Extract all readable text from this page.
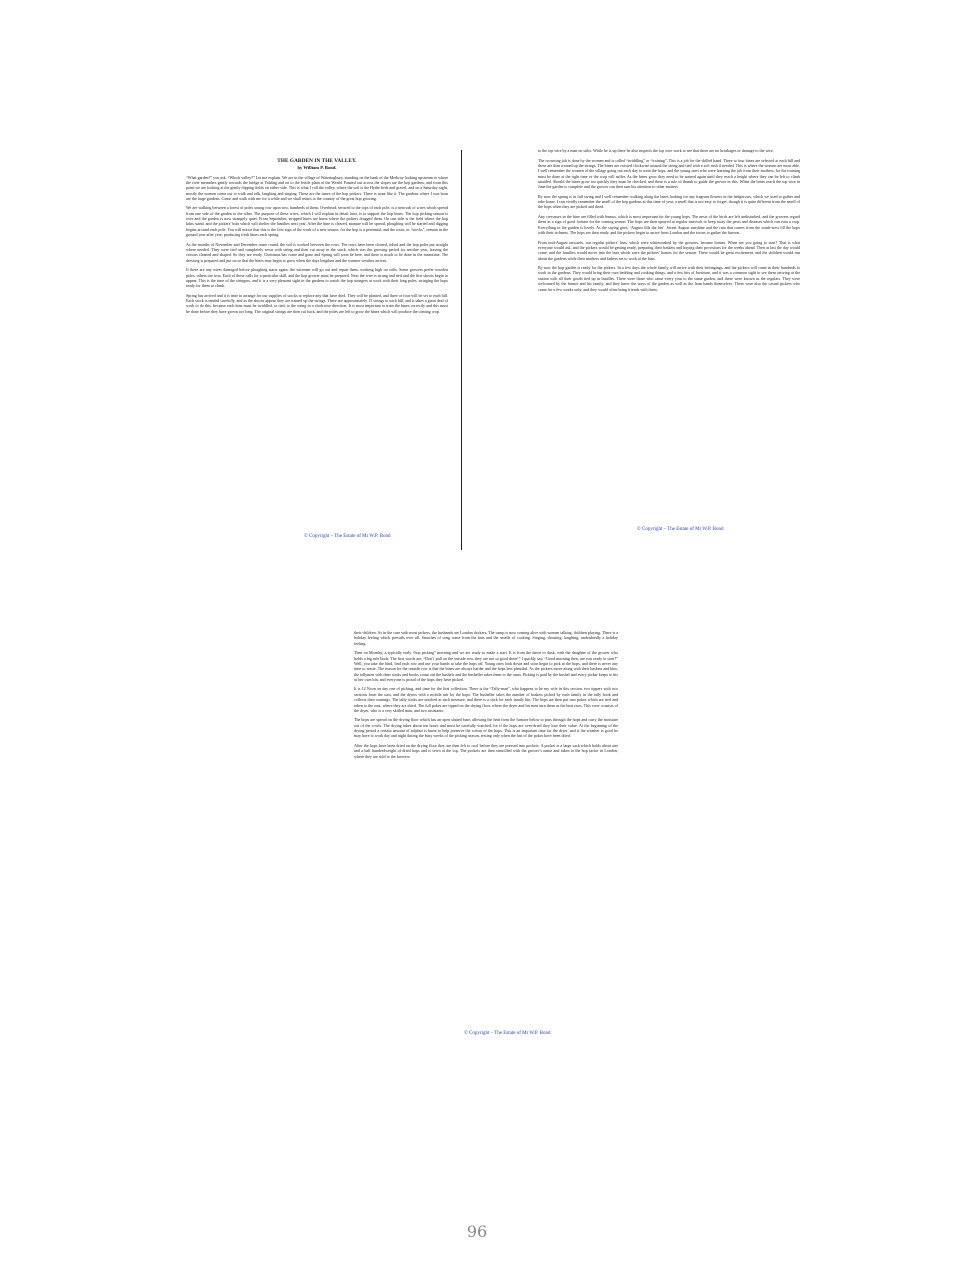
THE GARDEN IN THE VALLEY.

by William P. Bond.

“What garden?” you ask. “Which valley?” Let me explain. We are in the village of Wateringbury, standing on the bank of the Medway looking upstream to where the river meanders gently towards the bridge at Yalding and on to the fertile plain of the Weald. Fanned out across the slopes are the hop gardens, and from this point we are looking at the gently dipping fields on either side. This is what I call the valley, where the soil is the Hythe beds and gravel, and on a Saturday night, mostly the women come out to walk and talk, laughing and singing. These are the times of the hop pickers. There is none like it. The gardens where I was born are the large gardens. Come and walk with me for a while and we shall return to the country of the great hop growing.

We are walking between a forest of poles strung row upon row, hundreds of them. Overhead, secured to the tops of each pole, is a network of wires which spread from one side of the garden to the other. The purpose of these wires, which I will explain in detail later, is to support the hop bines. The hop picking season is over and the garden is now strangely quiet. From September, stripped bines are burnt where the pickers dragged them. On one side is the field where the hop kilns stand, and the pickers’ huts which will shelter the families next year. After the bine is cleared, manure will be spread, ploughing will be started and digging begins around each pole. You will notice that this is the first sign of the work of a new season, for the hop is a perennial, and the roots, or “stocks”, remain in the ground year after year, producing fresh bines each spring.

As the months of November and December come round, the soil is worked between the rows. The rows have been cleared, tidied and the hop poles put straight where needed. They were tied and completely sewn with string and then cut away in the stack, which was the growing period for another year, leaving the crowns cleaned and shaped. So they are ready. Christmas has come and gone and Spring will soon be here, and there is much to be done in the meantime. The dressing is prepared and put on so that the bines may begin to grow when the days lengthen and the warmer weather arrives.

If there are any wires damaged before ploughing starts again, the wiremen will go out and repair them, working high on stilts. Some growers prefer wooden poles, others use iron. Each of these calls for a particular skill, and the hop grower must be prepared. Next the wire is strung and tied and the first shoots begin to appear. This is the time of the stringers, and it is a very pleasant sight in the gardens to watch the hop stringers at work with their long poles, stringing the hops ready for them to climb.

Spring has arrived and it is time to arrange for our supplies of stocks to replace any that have died. They will be planted, and three or four will be set to each hill. Each stock is tended carefully, and as the shoots appear they are trained up the strings. There are approximately 15 strings to each hill, and it takes a great deal of work to do this, because each bine must be twiddled, or tied, to the string in a clockwise direction. It is most important to train the bines correctly and this must be done before they have grown too long. The original strings are then cut back, and the poles are left to grow the bines which will produce the coming crop.

to the top wire by a man on stilts. While he is up there he also inspects the top wire work to see that there are no breakages or damage to the wire.

The crowning job is done by the women and is called “twiddling” or “training”. This is a job for the skilled hand. Three to four bines are selected at each hill and these are then trained up the strings. The bines are twisted clockwise around the string and tied with a soft rush if needed. This is where the women are most able. I well remember the women of the village going out each day to train the hops, and the young ones who were learning the job from their mothers, for the training must be done at the right time or the crop will suffer. As the bines grow they need to be trained again until they reach a height where they can be left to climb unaided. Should the bines grow too quickly they must be checked, and there is a rule of thumb to guide the grower in this. When the bines reach the top wire in June the garden is complete and the grower can then turn his attention to other matters.

By now the spring is in full swing and I well remember walking along the lanes looking for any fragrant flowers in the hedgerows, which we used to gather and take home. I can vividly remember the smell of the hop gardens at this time of year, a smell that is not easy to forget, though it is quite different from the smell of the hops when they are picked and dried.

Any crevasses in the bine are filled with humus, which is most important for the young hops. The nests of the birds are left undisturbed, and the growers regard them as a sign of good fortune for the coming season. The hops are then sprayed at regular intervals to keep away the pests and diseases which can ruin a crop. Everything in the garden is lovely. As the saying goes, ‘August fills the bin’. Sweet August sunshine and the rain that comes from the south-west fill the hops with their richness. The hops are then ready, and the pickers begin to arrive from London and the towns to gather the harvest.

From mid-August onwards, our regular pickers’ huts, which were whitewashed by the growers, became homes. When are you going to start? That is what everyone would ask, and the pickers would be getting ready, preparing their baskets and buying their provisions for the weeks ahead. Then at last the day would come, and the families would move into the huts which were the pickers’ homes for the season. There would be great excitement, and the children would run about the gardens while their mothers and fathers set to work at the bins.

By now the hop garden is ready for the pickers. In a few days the whole family will arrive with their belongings, and the pickers will come in their hundreds to work in the gardens. They would bring their own bedding and cooking things, and a few bits of furniture, and it was a common sight to see them arriving at the station with all their goods tied up in bundles. There were those who came every year to the same garden, and these were known as the regulars. They were welcomed by the farmer and his family, and they knew the ways of the garden as well as the farm hands themselves. There were also the casual pickers who came for a few weeks only, and they would often bring friends with them.

their children. As in the case with most pickers, the husbands are London dockers. The camp is now coming alive with women talking, children playing. There is a holiday feeling which prevails over all. Snatches of song come from the huts and the smells of cooking. Singing, shouting, laughing, undoubtedly a holiday feeling.

Then on Monday, a typically early “hop picking” morning and we are ready to make a start. It is from the dawn to dusk, with the daughter of the grower who holds a big rule book. The first words are, “Don’t pull on the outside row, they are not so good there!” I quickly say, “Good morning then, are you ready to start?” Well, you take the bind, find each row and use your hands to take the hops off. Young ones look down and soon begin to pick at the hops, and there is never any time to waste. The reason for the outside row is that the bines are always harder and the hops less plentiful. As the pickers move along with their baskets and bins, the tallymen with their sticks and books count out the bushels and the busheller takes them to the oasts. Picking is paid by the bushel and every picker keeps to his or her own bin, and everyone is proud of the hops they have picked.

It is 12 Noon on day one of picking, and time for the first collection. There is the “Tally-man”, who happens to be my wife in this section, two tippers with two sections from the oast, and the dryers with a mobile tub for the hops. The busheller takes the number of baskets picked by each family in the tally book and collects their earnings. The tally sticks are notched at each measure, and there is a stick for each family bin. The hops are then put into pokes which are tied and taken to the oast, where they are dried. The full pokes are tipped on the drying floor, where the dryer and his men turn them as the heat rises. This crew consists of the dryer, who is a very skilled man, and two assistants.

The hops are spread on the drying floor which has an open slatted base, allowing the heat from the furnace below to pass through the hops and carry the moisture out of the cowls. The drying takes about ten hours and must be carefully watched, for if the hops are over-dried they lose their value. At the beginning of the drying period a certain amount of sulphur is burnt to help preserve the colour of the hops. This is an important time for the dryer, and if the weather is good he may have to work day and night during the busy weeks of the picking season, resting only when the last of the pokes have been dried.

After the hops have been dried on the drying floor they are then left to cool before they are pressed into pockets. A pocket is a large sack which holds about one and a half hundredweight of dried hops and is sewn at the top. The pockets are then stencilled with the grower’s name and taken to the hop factor in London, where they are sold to the brewers.

© Copyright – The Estate of Mr W.P. Bond
© Copyright – The Estate of Mr W.P. Bond
© Copyright – The Estate of Mr W.P. Bond
96
